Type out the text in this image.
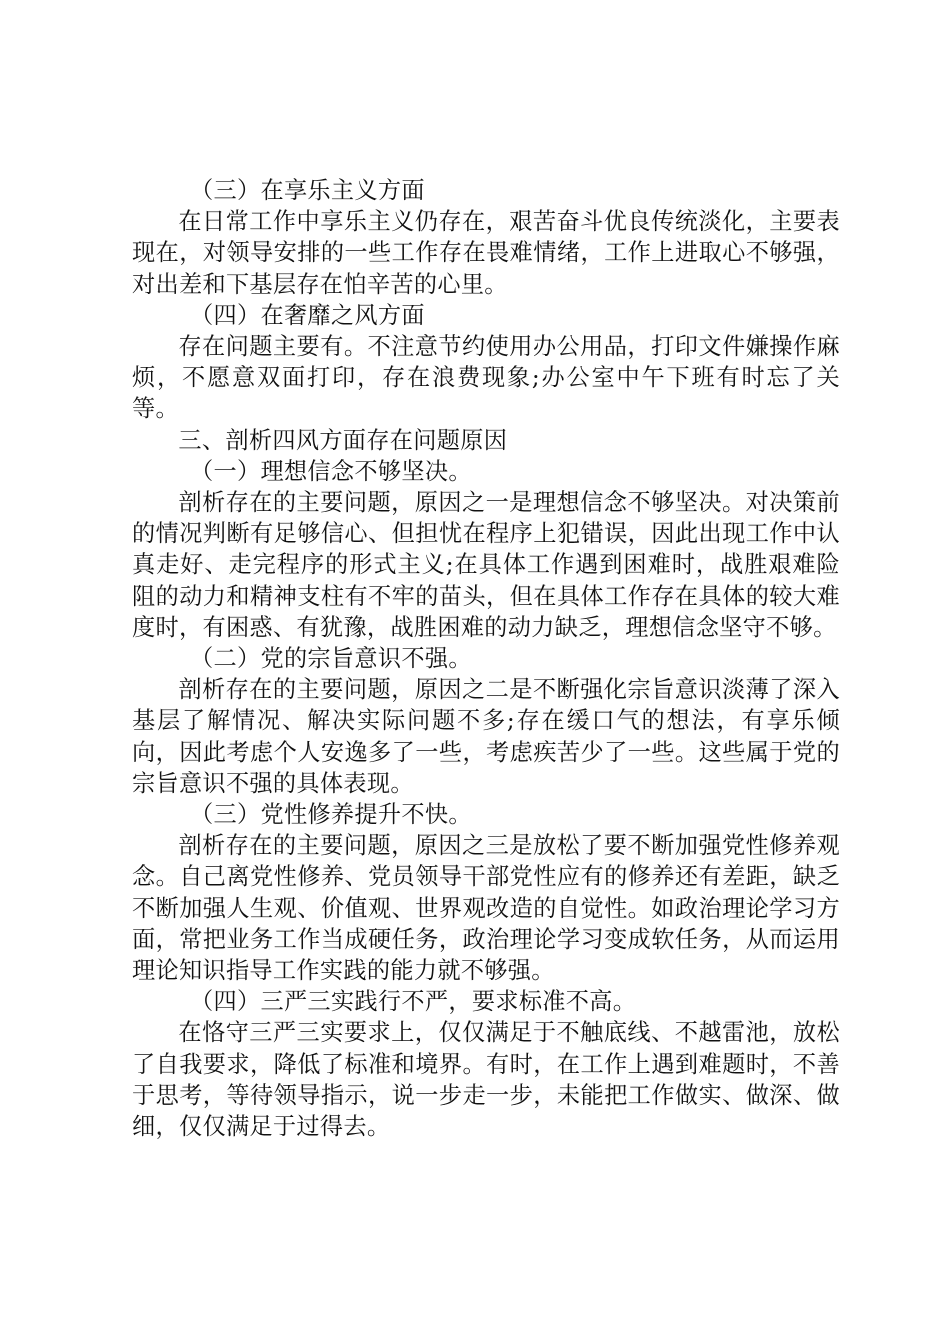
（三）在享乐主义方面

在日常工作中享乐主义仍存在，艰苦奋斗优良传统淡化，主要表现在，对领导安排的一些工作存在畏难情绪，工作上进取心不够强，对出差和下基层存在怕辛苦的心里。

（四）在奢靡之风方面

存在问题主要有。不注意节约使用办公用品，打印文件嫌操作麻烦，不愿意双面打印，存在浪费现象;办公室中午下班有时忘了关等。

三、剖析四风方面存在问题原因

（一）理想信念不够坚决。

剖析存在的主要问题，原因之一是理想信念不够坚决。对决策前的情况判断有足够信心、但担忧在程序上犯错误，因此出现工作中认真走好、走完程序的形式主义;在具体工作遇到困难时，战胜艰难险阻的动力和精神支柱有不牢的苗头，但在具体工作存在具体的较大难度时，有困惑、有犹豫，战胜困难的动力缺乏，理想信念坚守不够。

（二）党的宗旨意识不强。

剖析存在的主要问题，原因之二是不断强化宗旨意识淡薄了深入基层了解情况、解决实际问题不多;存在缓口气的想法，有享乐倾向，因此考虑个人安逸多了一些，考虑疾苦少了一些。这些属于党的宗旨意识不强的具体表现。

（三）党性修养提升不快。

剖析存在的主要问题，原因之三是放松了要不断加强党性修养观念。自己离党性修养、党员领导干部党性应有的修养还有差距，缺乏不断加强人生观、价值观、世界观改造的自觉性。如政治理论学习方面，常把业务工作当成硬任务，政治理论学习变成软任务，从而运用理论知识指导工作实践的能力就不够强。

（四）三严三实践行不严，要求标准不高。

在恪守三严三实要求上，仅仅满足于不触底线、不越雷池，放松了自我要求，降低了标准和境界。有时，在工作上遇到难题时，不善于思考，等待领导指示，说一步走一步，未能把工作做实、做深、做细，仅仅满足于过得去。
